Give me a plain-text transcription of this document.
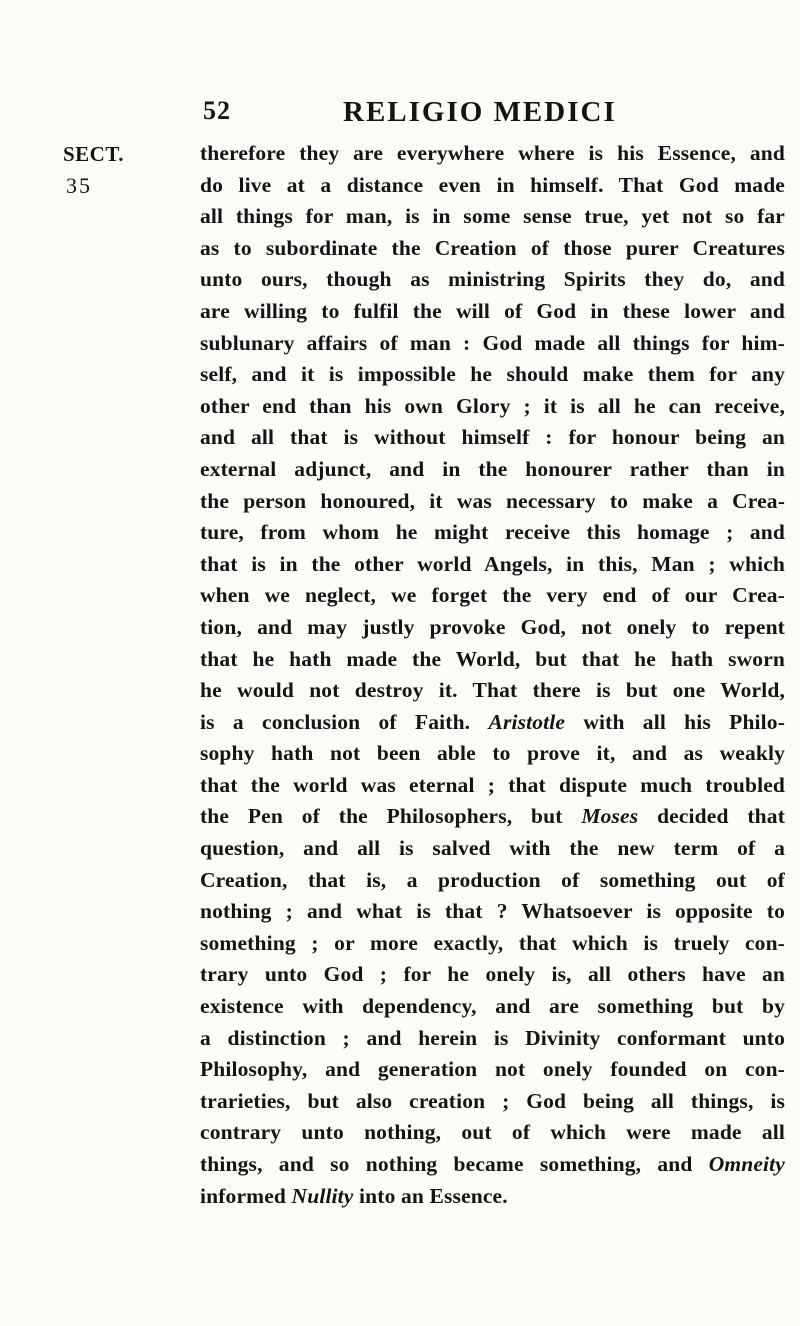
52	RELIGIO MEDICI
SECT.
35
therefore they are everywhere where is his Essence, and
do live at a distance even in himself. That God made
all things for man, is in some sense true, yet not so far
as to subordinate the Creation of those purer Creatures
unto ours, though as ministring Spirits they do, and
are willing to fulfil the will of God in these lower and
sublunary affairs of man : God made all things for him-
self, and it is impossible he should make them for any
other end than his own Glory ; it is all he can receive,
and all that is without himself : for honour being an
external adjunct, and in the honourer rather than in
the person honoured, it was necessary to make a Crea-
ture, from whom he might receive this homage ; and
that is in the other world Angels, in this, Man ; which
when we neglect, we forget the very end of our Crea-
tion, and may justly provoke God, not onely to repent
that he hath made the World, but that he hath sworn
he would not destroy it. That there is but one World,
is a conclusion of Faith. Aristotle with all his Philo-
sophy hath not been able to prove it, and as weakly
that the world was eternal ; that dispute much troubled
the Pen of the Philosophers, but Moses decided that
question, and all is salved with the new term of a
Creation, that is, a production of something out of
nothing ; and what is that ? Whatsoever is opposite to
something ; or more exactly, that which is truely con-
trary unto God ; for he onely is, all others have an
existence with dependency, and are something but by
a distinction ; and herein is Divinity conformant unto
Philosophy, and generation not onely founded on con-
trarieties, but also creation ; God being all things, is
contrary unto nothing, out of which were made all
things, and so nothing became something, and Omneity
informed Nullity into an Essence.
